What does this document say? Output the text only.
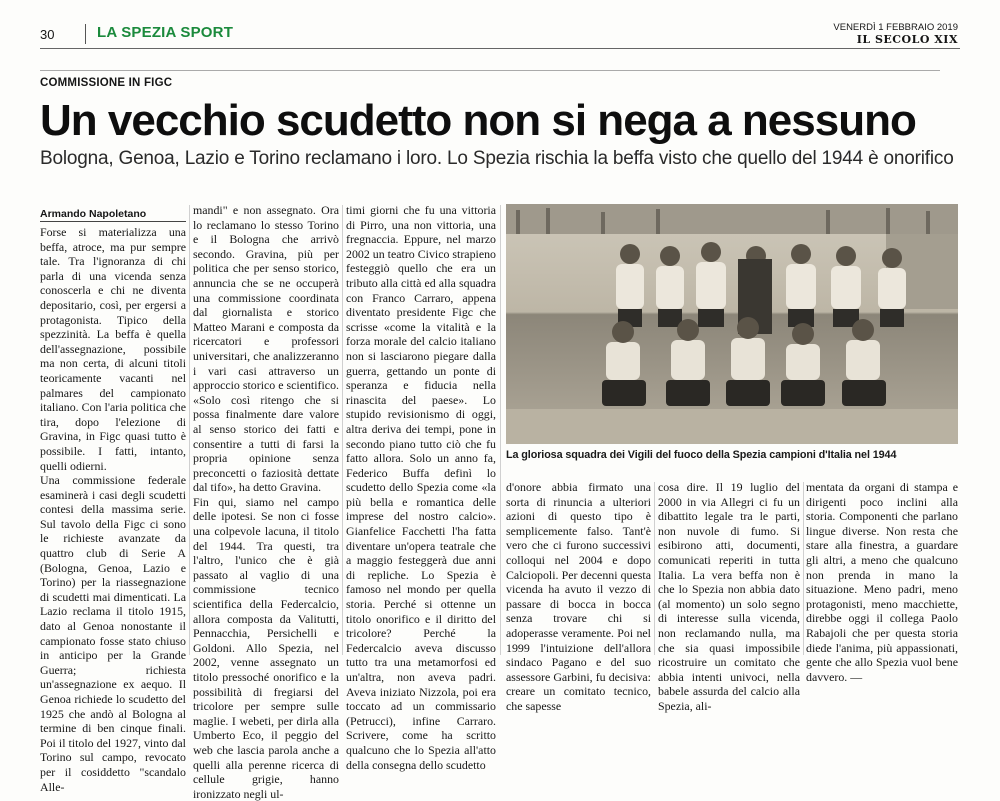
30	LA SPEZIA SPORT	VENERDÌ 1 FEBBRAIO 2019
IL SECOLO XIX
COMMISSIONE IN FIGC
Un vecchio scudetto non si nega a nessuno
Bologna, Genoa, Lazio e Torino reclamano i loro. Lo Spezia rischia la beffa visto che quello del 1944 è onorifico
Armando Napoletano

Forse si materializza una beffa, atroce, ma pur sempre tale. Tra l'ignoranza di chi parla di una vicenda senza conoscerla e chi ne diventa depositario, così, per ergersi a protagonista. Tipico della spezzinità. La beffa è quella dell'assegnazione, possibile ma non certa, di alcuni titoli teoricamente vacanti nel palmares del campionato italiano. Con l'aria politica che tira, dopo l'elezione di Gravina, in Figc quasi tutto è possibile. I fatti, intanto, quelli odierni.
Una commissione federale esaminerà i casi degli scudetti contesi della massima serie. Sul tavolo della Figc ci sono le richieste avanzate da quattro club di Serie A (Bologna, Genoa, Lazio e Torino) per la riassegnazione di scudetti mai dimenticati. La Lazio reclama il titolo 1915, dato al Genoa nonostante il campionato fosse stato chiuso in anticipo per la Grande Guerra; richiesta un'assegnazione ex aequo. Il Genoa richiede lo scudetto del 1925 che andò al Bologna al termine di ben cinque finali. Poi il titolo del 1927, vinto dal Torino sul campo, revocato per il cosiddetto "scandalo Alle-

mandi" e non assegnato. Ora lo reclamano lo stesso Torino e il Bologna che arrivò secondo. Gravina, più per politica che per senso storico, annuncia che se ne occuperà una commissione coordinata dal giornalista e storico Matteo Marani e composta da ricercatori e professori universitari, che analizzeranno i vari casi attraverso un approccio storico e scientifico. «Solo così ritengo che si possa finalmente dare valore al senso storico dei fatti e consentire a tutti di farsi la propria opinione senza preconcetti o faziosità dettate dal tifo», ha detto Gravina.
Fin qui, siamo nel campo delle ipotesi. Se non ci fosse una colpevole lacuna, il titolo del 1944. Tra questi, tra l'altro, l'unico che è già passato al vaglio di una commissione tecnico scientifica della Federcalcio, allora composta da Valitutti, Pennacchia, Persichelli e Goldoni. Allo Spezia, nel 2002, venne assegnato un titolo pressoché onorifico e la possibilità di fregiarsi del tricolore per sempre sulle maglie. I webeti, per dirla alla Umberto Eco, il peggio del web che lascia parola anche a quelli alla perenne ricerca di cellule grigie, hanno ironizzato negli ul-

timi giorni che fu una vittoria di Pirro, una non vittoria, una fregnaccia. Eppure, nel marzo 2002 un teatro Civico strapieno festeggiò quello che era un tributo alla città ed alla squadra con Franco Carraro, appena diventato presidente Figc che scrisse «come la vitalità e la forza morale del calcio italiano non si lasciarono piegare dalla guerra, gettando un ponte di speranza e fiducia nella rinascita del paese». Lo stupido revisionismo di oggi, altra deriva dei tempi, pone in secondo piano tutto ciò che fu fatto allora. Solo un anno fa, Federico Buffa definì lo scudetto dello Spezia come «la più bella e romantica delle imprese del nostro calcio». Gianfelice Facchetti l'ha fatta diventare un'opera teatrale che a maggio festeggerà due anni di repliche. Lo Spezia è famoso nel mondo per quella storia. Perché si ottenne un titolo onorifico e il diritto del tricolore? Perché la Federcalcio aveva discusso tutto tra una metamorfosi ed un'altra, non aveva padri. Aveva iniziato Nizzola, poi era toccato ad un commissario (Petrucci), infine Carraro. Scrivere, come ha scritto qualcuno che lo Spezia all'atto della consegna dello scudetto

d'onore abbia firmato una sorta di rinuncia a ulteriori azioni di questo tipo è semplicemente falso. Tant'è vero che ci furono successivi colloqui nel 2004 e dopo Calciopoli. Per decenni questa vicenda ha avuto il vezzo di passare di bocca in bocca senza trovare chi si adoperasse veramente. Poi nel 1999 l'intuizione dell'allora sindaco Pagano e del suo assessore Garbini, fu decisiva: creare un comitato tecnico, che sapesse

cosa dire. Il 19 luglio del 2000 in via Allegri ci fu un dibattito legale tra le parti, non nuvole di fumo. Si esibirono atti, documenti, comunicati reperiti in tutta Italia. La vera beffa non è che lo Spezia non abbia dato (al momento) un solo segno di interesse sulla vicenda, non reclamando nulla, ma che sia quasi impossibile ricostruire un comitato che abbia intenti univoci, nella babele assurda del calcio alla Spezia, ali-

mentata da organi di stampa e dirigenti poco inclini alla storia. Componenti che parlano lingue diverse. Non resta che stare alla finestra, a guardare gli altri, a meno che qualcuno non prenda in mano la situazione. Meno padri, meno protagonisti, meno macchiette, direbbe oggi il collega Paolo Rabajoli che per questa storia diede l'anima, più appassionati, gente che allo Spezia vuol bene davvero. —

La gloriosa squadra dei Vigili del fuoco della Spezia campioni d'Italia nel 1944
